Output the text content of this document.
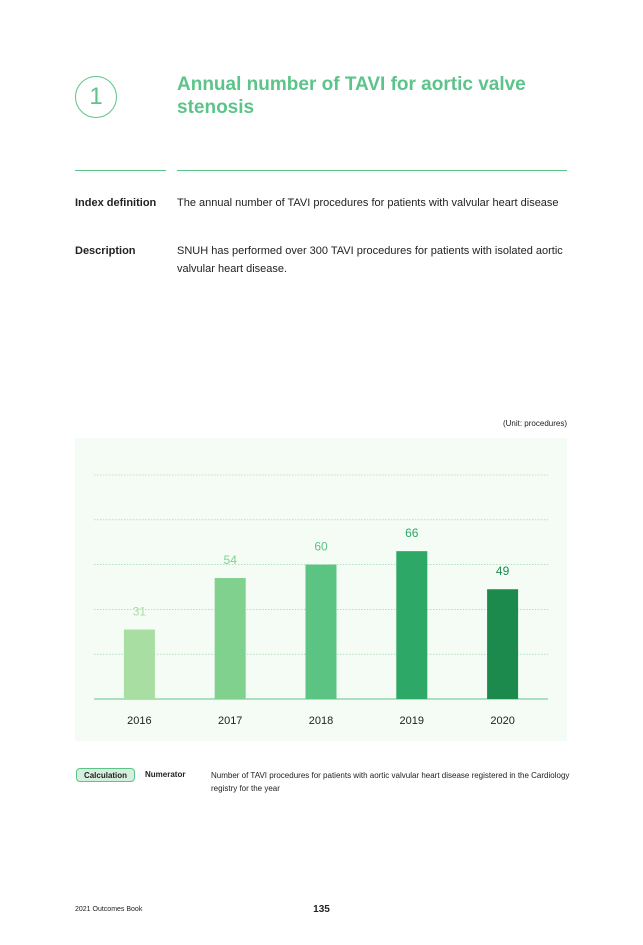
1	Annual number of TAVI for aortic valve stenosis
Index definition The annual number of TAVI procedures for patients with valvular heart disease
Description	SNUH has performed over 300 TAVI procedures for patients with isolated aortic valvular heart disease.
(Unit: procedures)
31
2016
54
2017
60
2018
66
2019
49
2020
Calculation	Numerator	Number of TAVI procedures for patients with aortic valvular heart disease registered in the Cardiology registry for the year
2021 Outcomes Book	135
